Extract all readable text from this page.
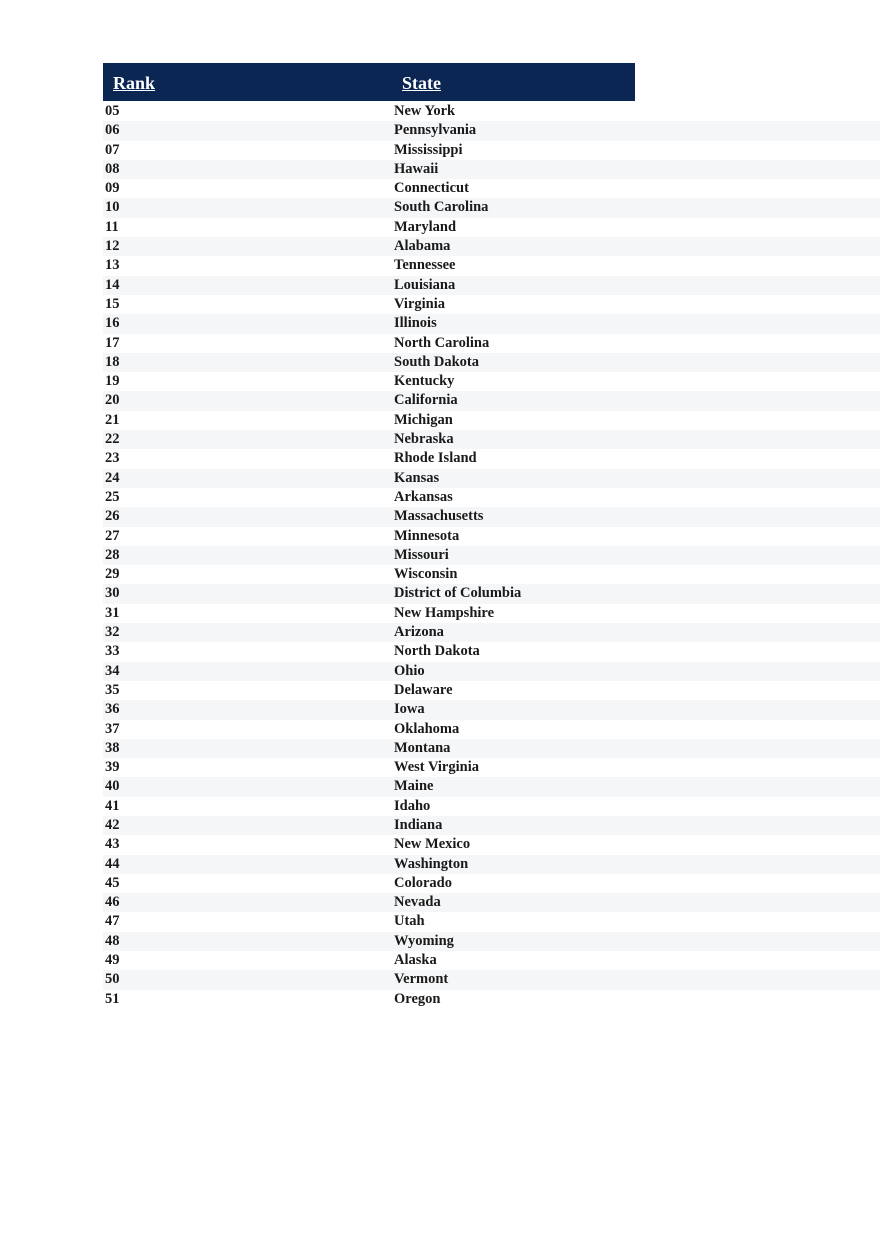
Rank	State
05	New York
06	Pennsylvania
07	Mississippi
08	Hawaii
09	Connecticut
10	South Carolina
11	Maryland
12	Alabama
13	Tennessee
14	Louisiana
15	Virginia
16	Illinois
17	North Carolina
18	South Dakota
19	Kentucky
20	California
21	Michigan
22	Nebraska
23	Rhode Island
24	Kansas
25	Arkansas
26	Massachusetts
27	Minnesota
28	Missouri
29	Wisconsin
30	District of Columbia
31	New Hampshire
32	Arizona
33	North Dakota
34	Ohio
35	Delaware
36	Iowa
37	Oklahoma
38	Montana
39	West Virginia
40	Maine
41	Idaho
42	Indiana
43	New Mexico
44	Washington
45	Colorado
46	Nevada
47	Utah
48	Wyoming
49	Alaska
50	Vermont
51	Oregon
